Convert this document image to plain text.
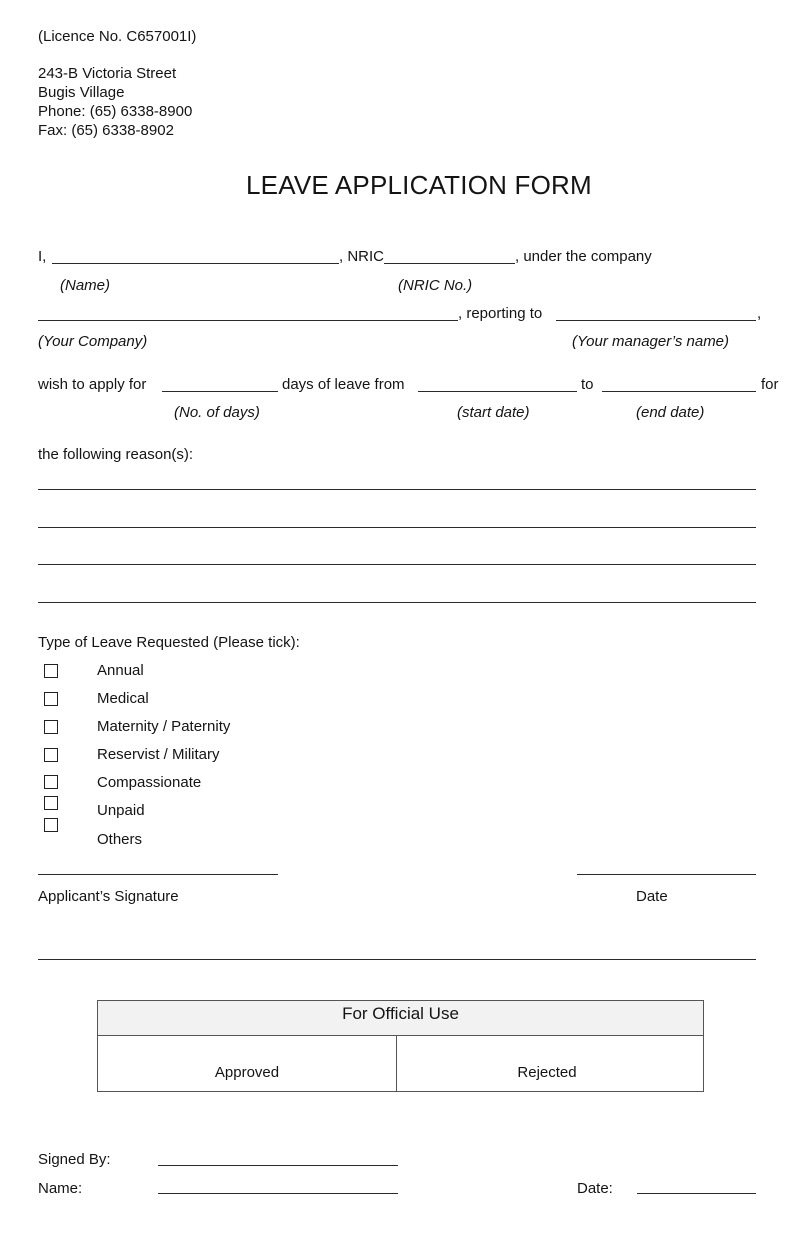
(Licence No. C657001I)
243-B Victoria Street
Bugis Village
Phone: (65) 6338-8900
Fax: (65) 6338-8902
LEAVE APPLICATION FORM
I,	, NRIC	, under the company
(Name)	(NRIC No.)
, reporting to	,
(Your Company)	(Your manager’s name)
wish to apply for	days of leave from	to	for
(No. of days)	(start date)	(end date)
the following reason(s):
Type of Leave Requested (Please tick):
Annual
Medical
Maternity / Paternity
Reservist / Military
Compassionate
Unpaid
Others
Applicant’s Signature	Date
For Official Use
Approved	Rejected
Signed By:
Name:	Date:
